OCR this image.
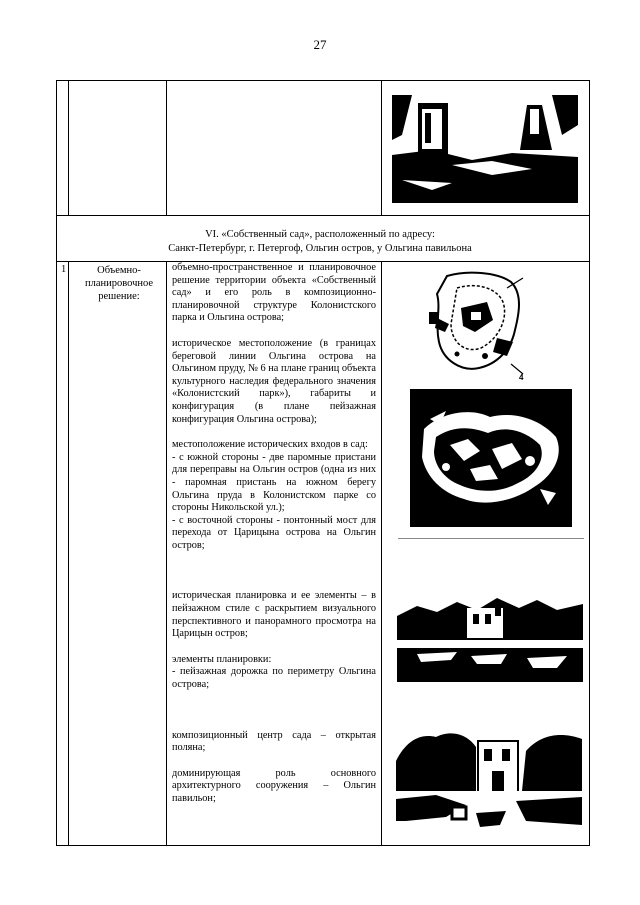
27
VI. «Собственный сад», расположенный по адресу:
Санкт-Петербург, г. Петергоф, Ольгин остров, у Ольгина павильона
1	Объемно-планировочное решение:

объемно-пространственное и планировочное решение территории объекта «Собственный сад» и его роль в композиционно-планировочной структуре Колонистского парка и Ольгина острова;

историческое местоположение (в границах береговой линии Ольгина острова на Ольгином пруду, № 6 на плане границ объекта культурного наследия федерального значения «Колонистский парк»), габариты и конфигурация (в плане пейзажная конфигурация Ольгина острова);

местоположение исторических входов в сад:

- с южной стороны - две паромные пристани для переправы на Ольгин остров (одна из них - паромная пристань на южном берегу Ольгина пруда в Колонистском парке со стороны Никольской ул.);

- с восточной стороны - понтонный мост для перехода от Царицына острова на Ольгин остров;

историческая планировка и ее элементы – в пейзажном стиле с раскрытием визуального перспективного и панорамного просмотра на Царицын остров;

элементы планировки:

- пейзажная дорожка по периметру Ольгина острова;

композиционный центр сада – открытая поляна;

доминирующая роль основного архитектурного сооружения – Ольгин павильон;

4
